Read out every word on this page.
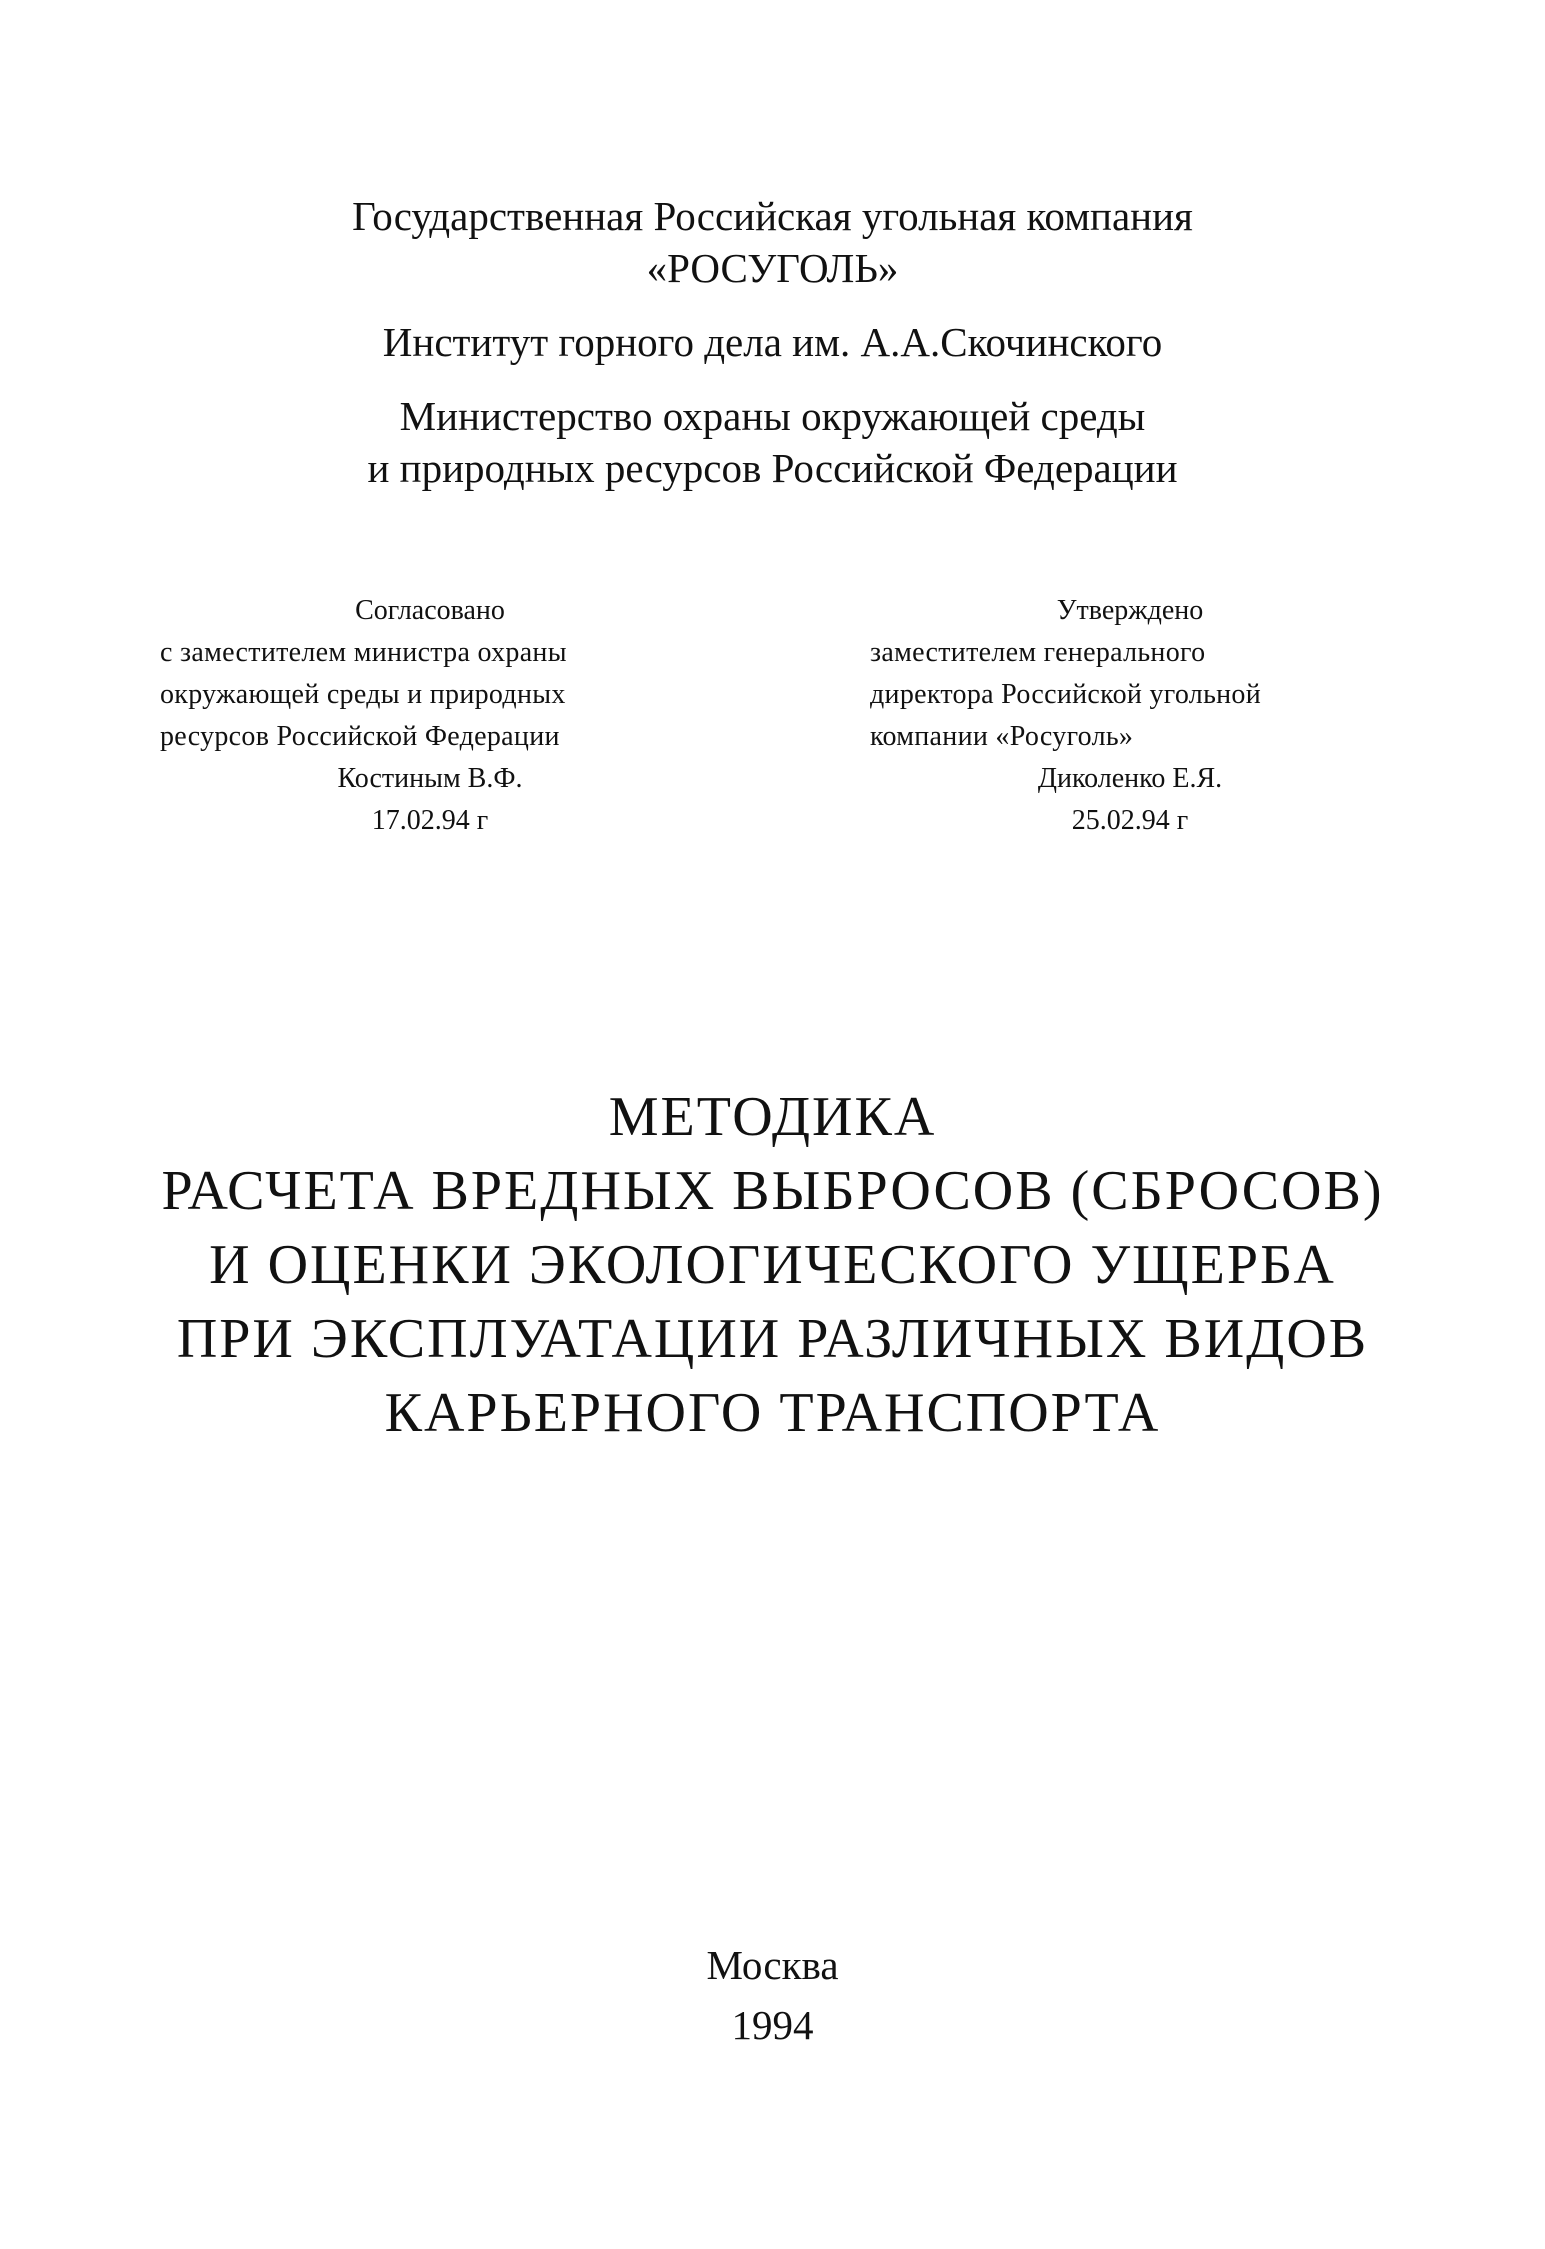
Государственная Российская угольная компания
«РОСУГОЛЬ»
Институт горного дела им. А.А.Скочинского
Министерство охраны окружающей среды
и природных ресурсов Российской Федерации
Согласовано
с заместителем министра охраны
окружающей среды и природных
ресурсов Российской Федерации
Костиным В.Ф.
17.02.94 г
Утверждено
заместителем генерального
директора Российской угольной
компании «Росуголь»
Диколенко Е.Я.
25.02.94 г
МЕТОДИКА
РАСЧЕТА ВРЕДНЫХ ВЫБРОСОВ (СБРОСОВ)
И ОЦЕНКИ ЭКОЛОГИЧЕСКОГО УЩЕРБА
ПРИ ЭКСПЛУАТАЦИИ РАЗЛИЧНЫХ ВИДОВ
КАРЬЕРНОГО ТРАНСПОРТА
Москва
1994
